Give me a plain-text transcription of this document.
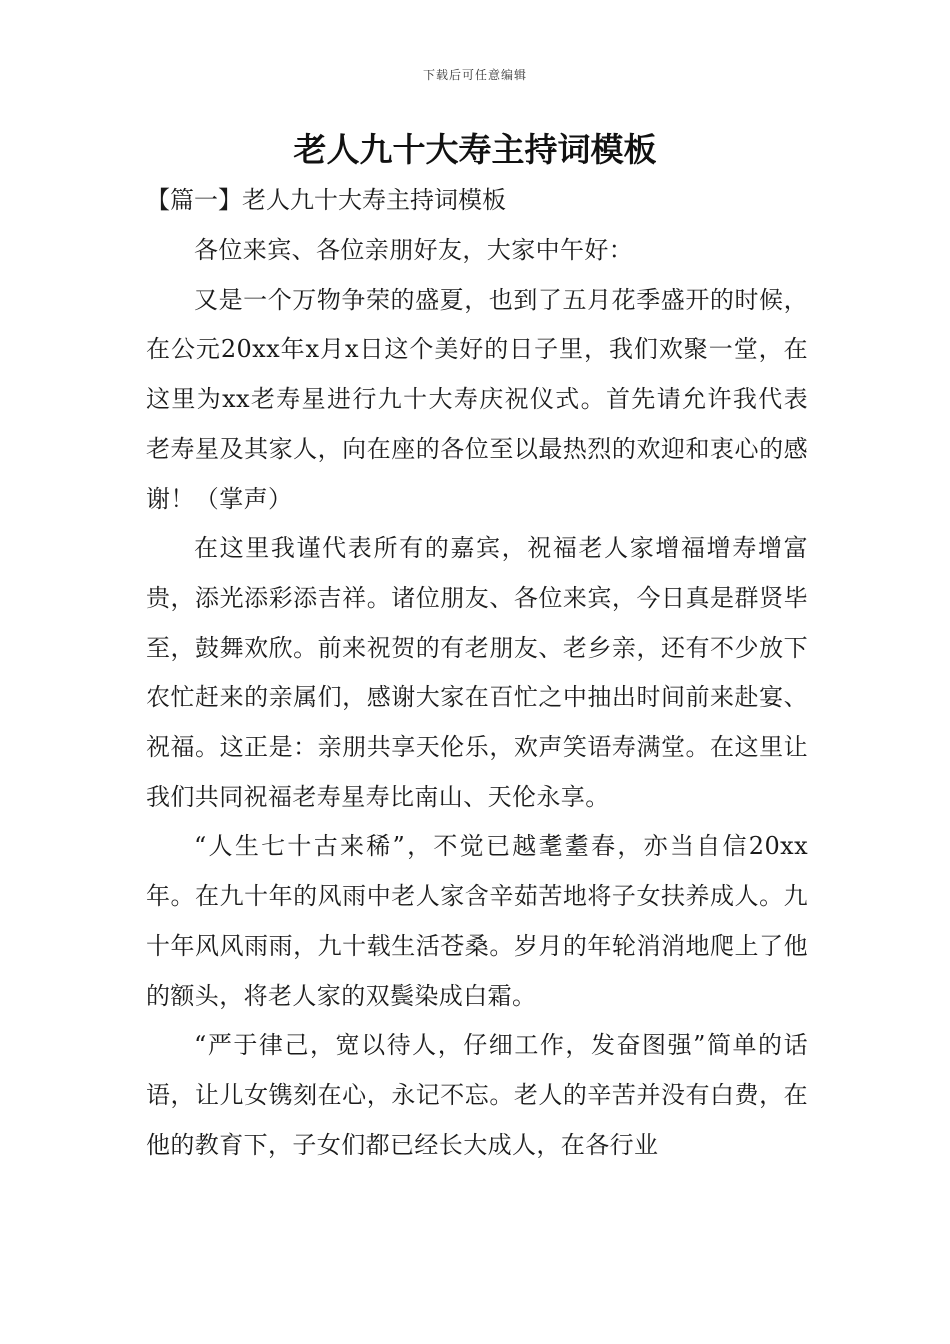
下载后可任意编辑
老人九十大寿主持词模板
【篇一】老人九十大寿主持词模板

各位来宾、各位亲朋好友，大家中午好：

又是一个万物争荣的盛夏，也到了五月花季盛开的时候，在公元20xx年x月x日这个美好的日子里，我们欢聚一堂，在这里为xx老寿星进行九十大寿庆祝仪式。首先请允许我代表老寿星及其家人，向在座的各位至以最热烈的欢迎和衷心的感谢！（掌声）

在这里我谨代表所有的嘉宾，祝福老人家增福增寿增富贵，添光添彩添吉祥。诸位朋友、各位来宾，今日真是群贤毕至，鼓舞欢欣。前来祝贺的有老朋友、老乡亲，还有不少放下农忙赶来的亲属们，感谢大家在百忙之中抽出时间前来赴宴、祝福。这正是：亲朋共享天伦乐，欢声笑语寿满堂。在这里让我们共同祝福老寿星寿比南山、天伦永享。

“人生七十古来稀”，不觉已越耄耋春，亦当自信20xx年。在九十年的风雨中老人家含辛茹苦地将子女扶养成人。九十年风风雨雨，九十载生活苍桑。岁月的年轮消消地爬上了他的额头，将老人家的双鬓染成白霜。

“严于律己，宽以待人，仔细工作，发奋图强”简单的话语，让儿女镌刻在心，永记不忘。老人的辛苦并没有白费，在他的教育下，子女们都已经长大成人，在各行业
